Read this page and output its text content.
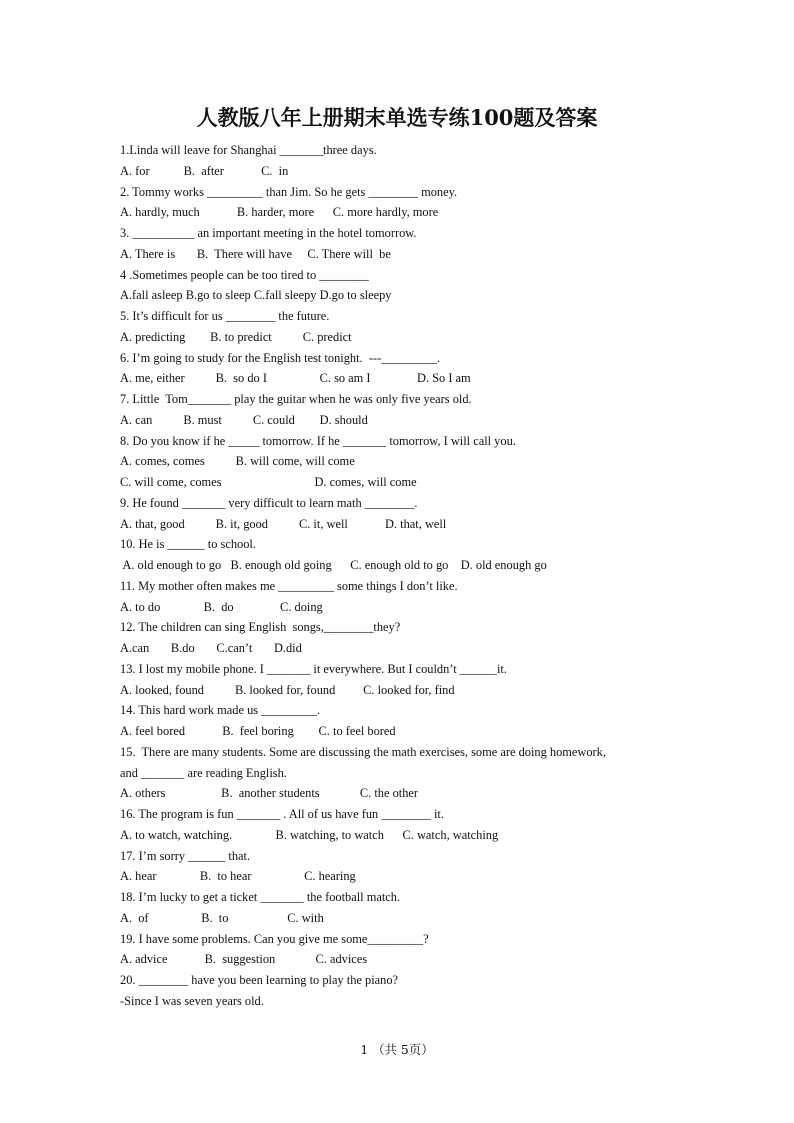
人教版八年上册期末单选专练100题及答案
1.Linda will leave for Shanghai _______three days.
A. for           B.  after            C.  in
2. Tommy works _________ than Jim. So he gets ________ money.
A. hardly, much            B. harder, more      C. more hardly, more
3. __________ an important meeting in the hotel tomorrow.
A. There is       B.  There will have     C. There will  be
4 .Sometimes people can be too tired to ________
A.fall asleep B.go to sleep C.fall sleepy D.go to sleepy
5. It’s difficult for us ________ the future.
A. predicting        B. to predict          C. predict
6. I’m going to study for the English test tonight.  ---_________.
A. me, either          B.  so do I                 C. so am I               D. So I am
7. Little  Tom_______ play the guitar when he was only five years old.
A. can          B. must          C. could        D. should
8. Do you know if he _____ tomorrow. If he _______ tomorrow, I will call you.
A. comes, comes          B. will come, will come
C. will come, comes                              D. comes, will come
9. He found _______ very difficult to learn math ________.
A. that, good          B. it, good          C. it, well            D. that, well
10. He is ______ to school.
A. old enough to go   B. enough old going      C. enough old to go    D. old enough go
11. My mother often makes me _________ some things I don’t like.
A. to do              B.  do               C. doing
12. The children can sing English  songs,________they?
A.can       B.do       C.can’t       D.did
13. I lost my mobile phone. I _______ it everywhere. But I couldn’t ______it.
A. looked, found          B. looked for, found         C. looked for, find
14. This hard work made us _________.
A. feel bored            B.  feel boring        C. to feel bored
15.  There are many students. Some are discussing the math exercises, some are doing homework,
and _______ are reading English.
A. others                  B.  another students             C. the other
16. The program is fun _______ . All of us have fun ________ it.
A. to watch, watching.              B. watching, to watch      C. watch, watching
17. I’m sorry ______ that.
A. hear              B.  to hear                 C. hearing
18. I’m lucky to get a ticket _______ the football match.
A.  of                 B.  to                   C. with
19. I have some problems. Can you give me some_________?
A. advice            B.  suggestion             C. advices
20. ________ have you been learning to play the piano?
-Since I was seven years old.
1 （共 5页）
